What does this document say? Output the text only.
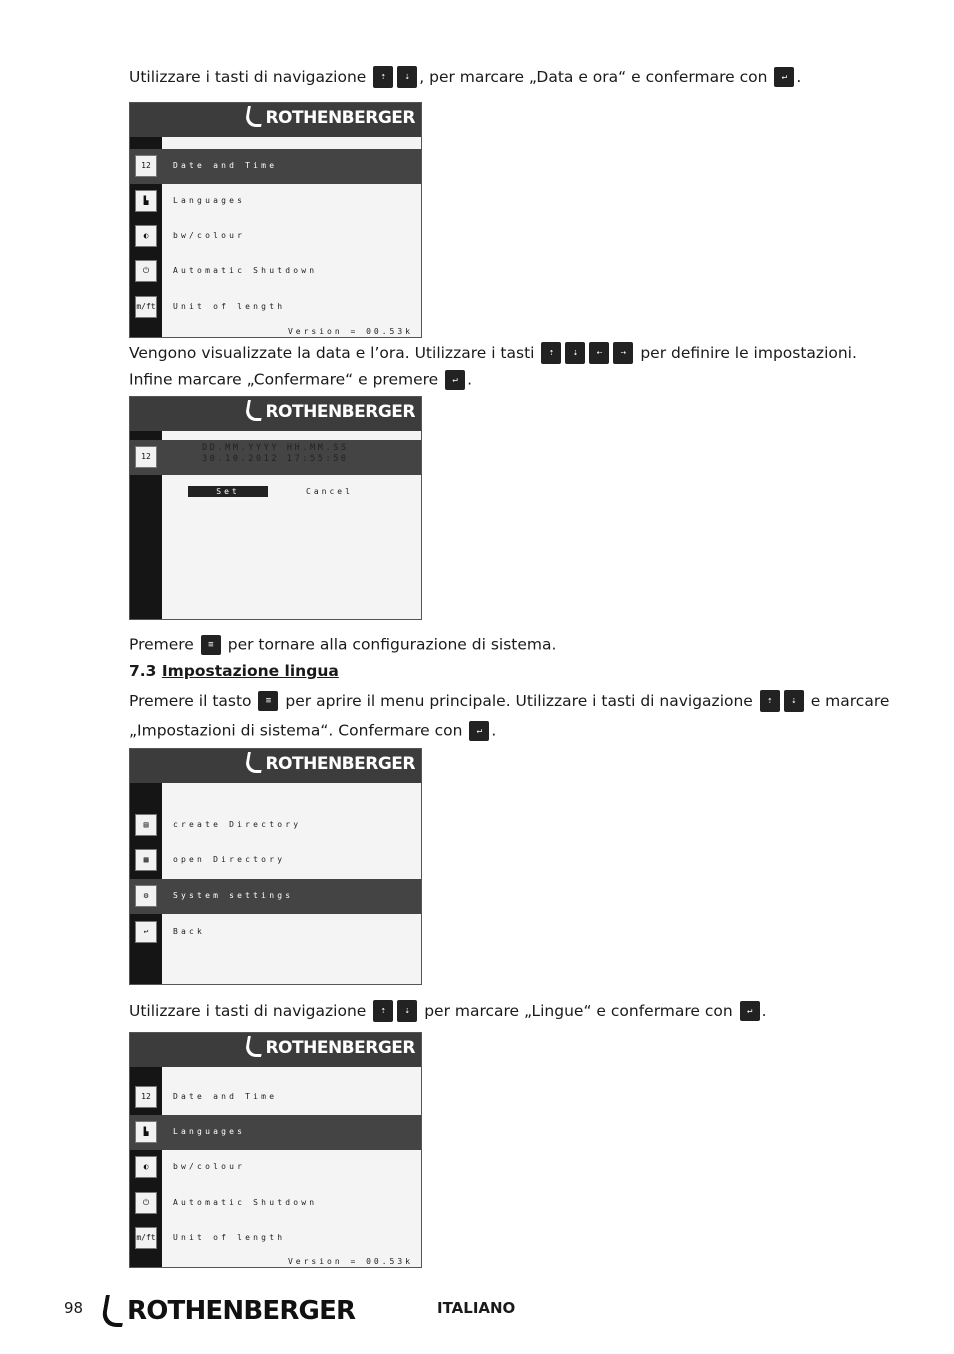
Utilizzare i tasti di navigazione ⇡ ⇣ , per marcare „Data e ora“ e confermare con ↵ .
ROTHENBERGER
12	Date and Time
▙	Languages
◐	bw/colour
⏻	Automatic Shutdown
m/ft Unit of length
Version = 00.53k
Vengono visualizzate la data e l’ora. Utilizzare i tasti ⇡ ⇣ ⇠ ⇢ per definire le impostazioni.
Infine marcare „Confermare“ e premere ↵ .
ROTHENBERGER
12
DD.MM.YYYY HH.MM.SS
30.10.2012 17:55:50
Set	Cancel
Premere ≡ per tornare alla configurazione di sistema.
7.3 Impostazione lingua
Premere il tasto ≡ per aprire il menu principale. Utilizzare i tasti di navigazione ⇡ ⇣ e marcare
„Impostazioni di sistema“. Confermare con ↵ .
ROTHENBERGER
▤	create Directory
▦	open Directory
⚙	System settings
↩	Back
Utilizzare i tasti di navigazione ⇡ ⇣ per marcare „Lingue“ e confermare con ↵ .
ROTHENBERGER
12	Date and Time
▙	Languages
◐	bw/colour
⏻	Automatic Shutdown
m/ft Unit of length
Version = 00.53k
98	ROTHENBERGER	ITALIANO
